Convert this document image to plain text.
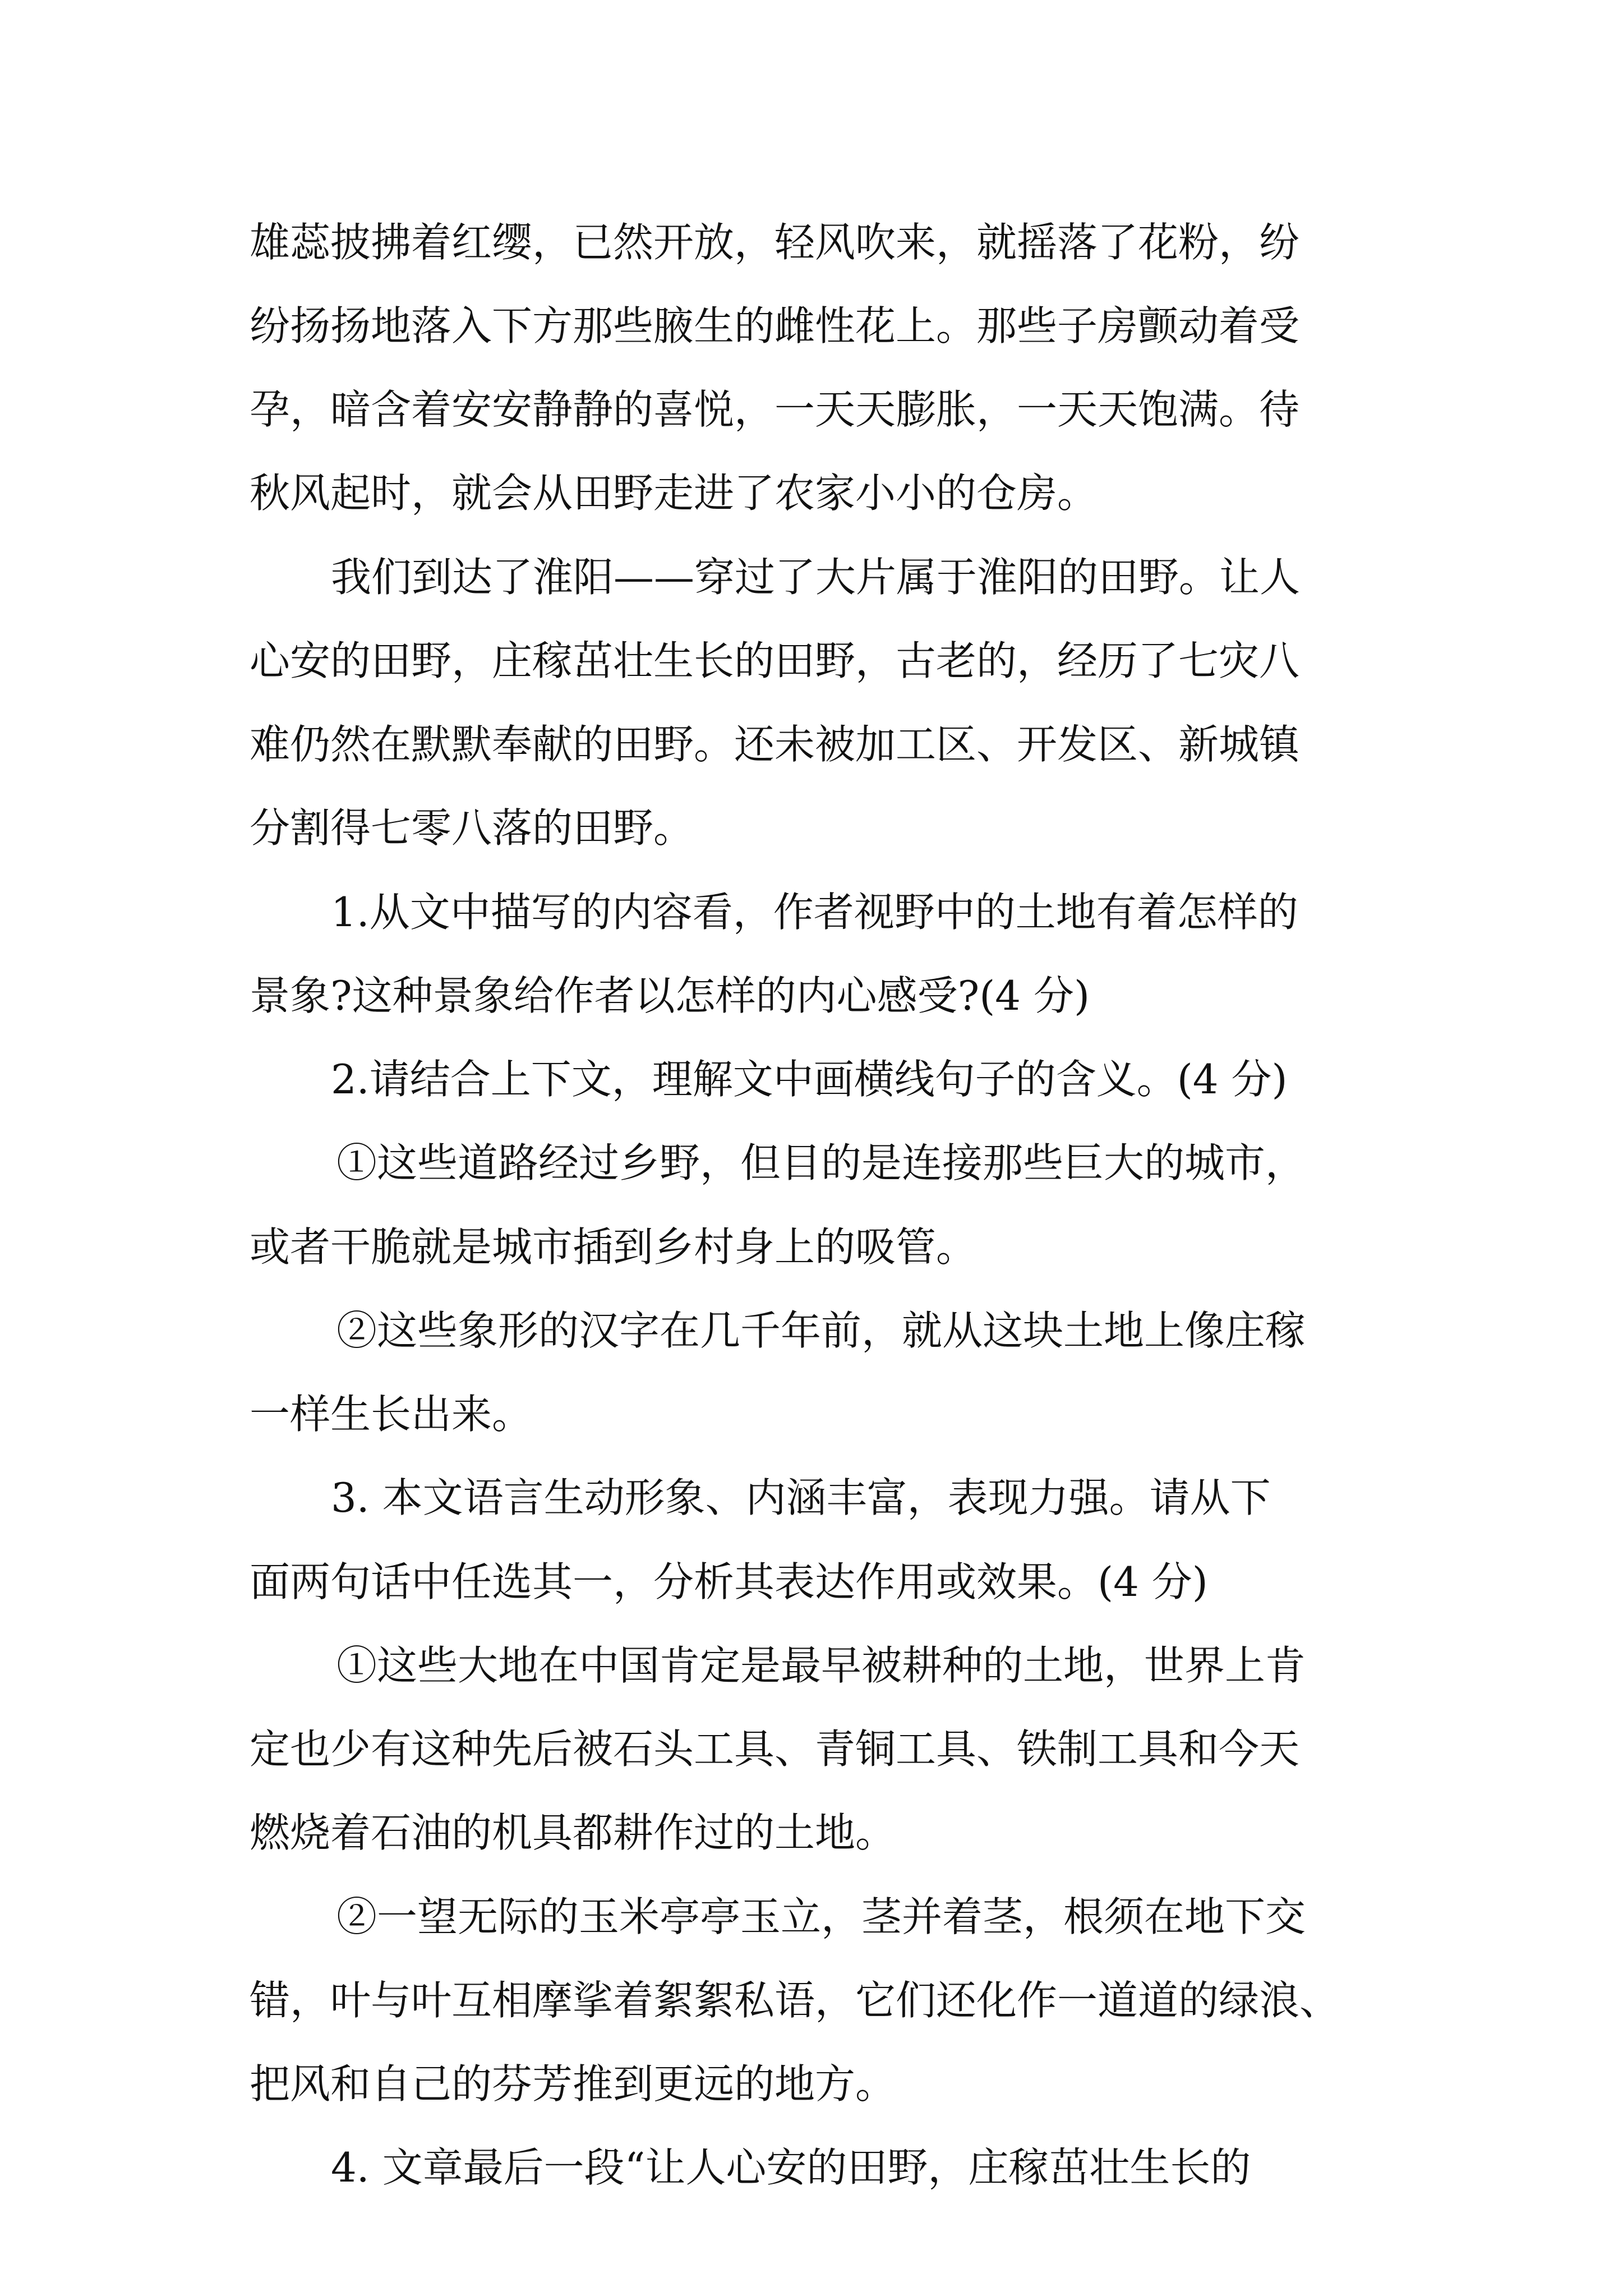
雄蕊披拂着红缨，已然开放，轻风吹来，就摇落了花粉，纷
纷扬扬地落入下方那些腋生的雌性花上。那些子房颤动着受
孕，暗含着安安静静的喜悦，一天天膨胀，一天天饱满。待
秋风起时，就会从田野走进了农家小小的仓房。
我们到达了淮阳——穿过了大片属于淮阳的田野。让人
心安的田野，庄稼茁壮生长的田野，古老的，经历了七灾八
难仍然在默默奉献的田野。还未被加工区、开发区、新城镇
分割得七零八落的田野。
1.从文中描写的内容看，作者视野中的土地有着怎样的
景象?这种景象给作者以怎样的内心感受?(4 分)
2.请结合上下文，理解文中画横线句子的含义。(4 分)
①这些道路经过乡野，但目的是连接那些巨大的城市，
或者干脆就是城市插到乡村身上的吸管。
②这些象形的汉字在几千年前，就从这块土地上像庄稼
一样生长出来。
3. 本文语言生动形象、内涵丰富，表现力强。请从下
面两句话中任选其一，分析其表达作用或效果。(4 分)
①这些大地在中国肯定是最早被耕种的土地，世界上肯
定也少有这种先后被石头工具、青铜工具、铁制工具和今天
燃烧着石油的机具都耕作过的土地。
②一望无际的玉米亭亭玉立，茎并着茎，根须在地下交
错，叶与叶互相摩挲着絮絮私语，它们还化作一道道的绿浪、
把风和自己的芬芳推到更远的地方。
4. 文章最后一段“让人心安的田野，庄稼茁壮生长的
